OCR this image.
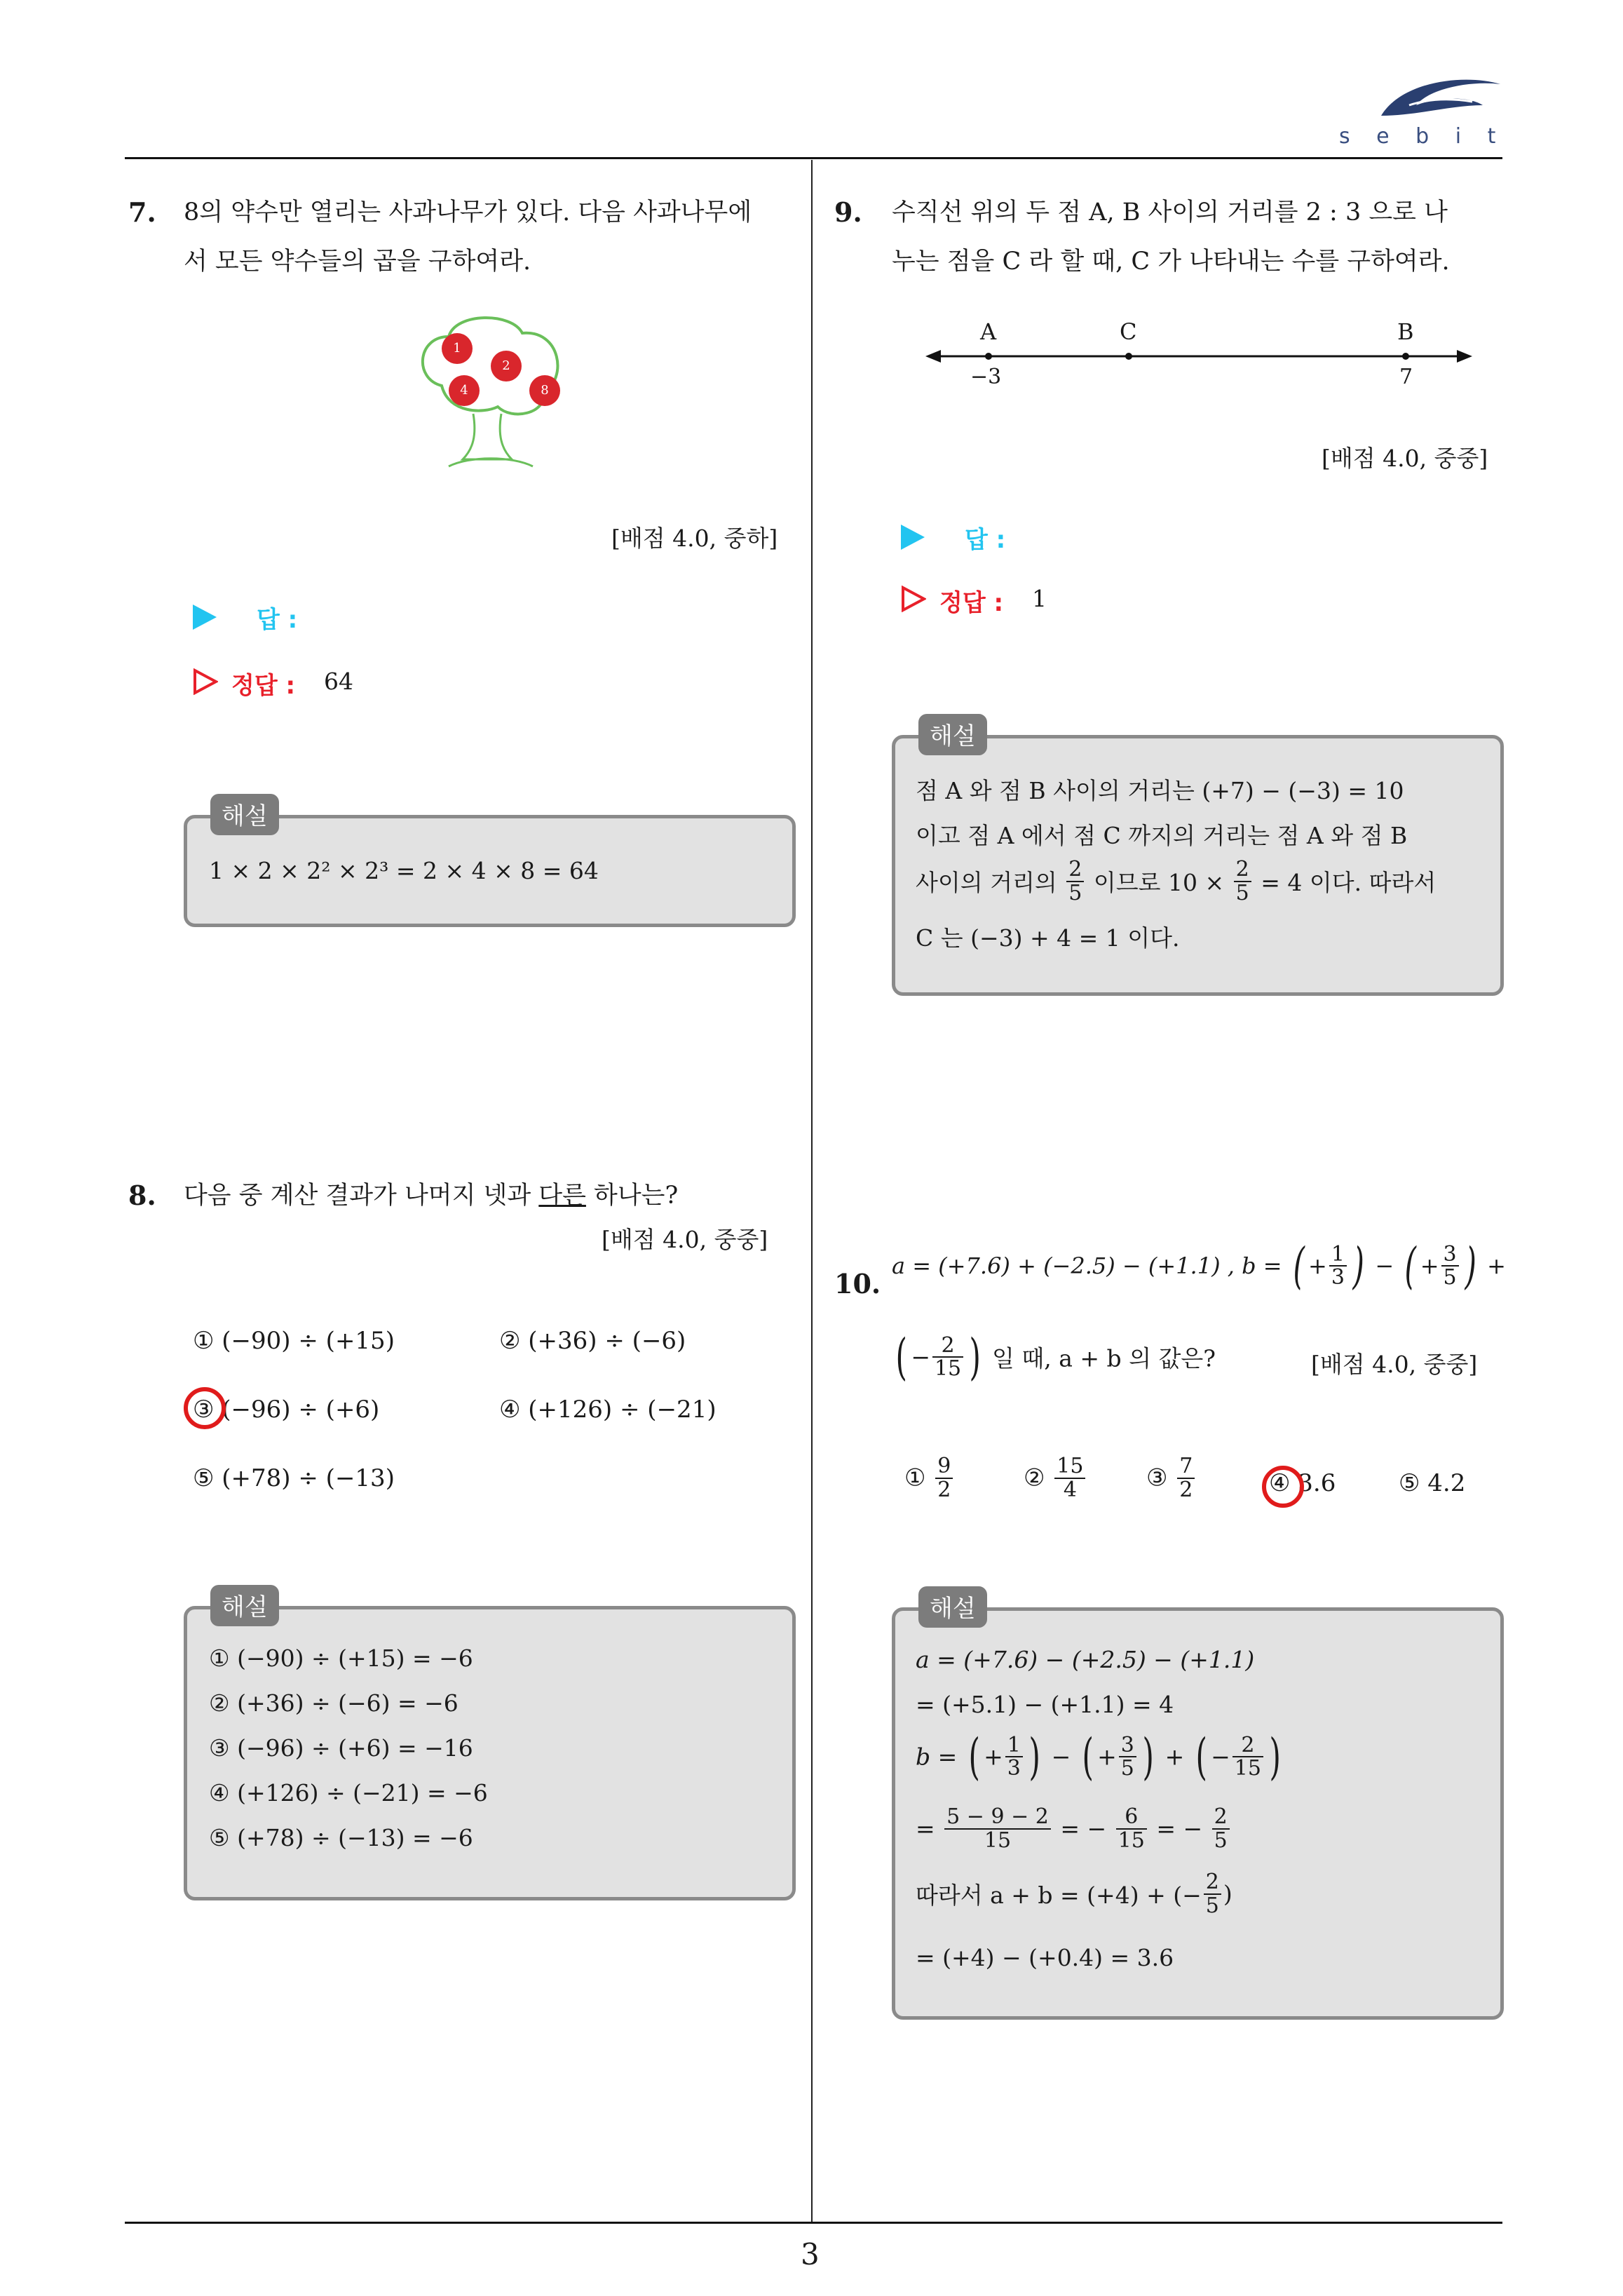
s e b i t
7. 8의 약수만 열리는 사과나무가 있다. 다음 사과나무에
서 모든 약수들의 곱을 구하여라.
1
2
4	8
[배점 4.0, 중하]
답 :
정답 : 64
해설
1 × 2 × 2² × 2³ = 2 × 4 × 8 = 64
8. 다음 중 계산 결과가 나머지 넷과 다른 하나는?
[배점 4.0, 중중]
① (−90) ÷ (+15)	② (+36) ÷ (−6)
③ (−96) ÷ (+6)	④ (+126) ÷ (−21)
⑤ (+78) ÷ (−13)
해설
① (−90) ÷ (+15) = −6
② (+36) ÷ (−6) = −6
③ (−96) ÷ (+6) = −16
④ (+126) ÷ (−21) = −6
⑤ (+78) ÷ (−13) = −6
9. 수직선 위의 두 점 A, B 사이의 거리를 2 : 3 으로 나
누는 점을 C 라 할 때, C 가 나타내는 수를 구하여라.
A	C	B
−3	7
[배점 4.0, 중중]
답 :
정답 : 1
해설
점 A 와 점 B 사이의 거리는 (+7) − (−3) = 10
이고 점 A 에서 점 C 까지의 거리는 점 A 와 점 B
사이의 거리의 $\frac{2}{5}$ 이므로 $10 \times \frac{2}{5} = 4$ 이다. 따라서
C 는 (−3) + 4 = 1 이다.
10.
a = (+7.6) + (−2.5) − (+1.1) , b = ( + $\frac{1}{3}$ ) − ( + $\frac{3}{5}$ ) +
( − $\frac{2}{15}$ ) 일 때, a + b 의 값은?	[배점 4.0, 중중]
① $\frac{9}{2}$	② $\frac{15}{4}$	③ $\frac{7}{2}$	④ 3.6	⑤ 4.2
해설
a = (+7.6) − (+2.5) − (+1.1)
= (+5.1) − (+1.1) = 4
b = ( + $\frac{1}{3}$ ) − ( + $\frac{3}{5}$ ) + ( − $\frac{2}{15}$ )
= $\frac{5 - 9 - 2}{15}$ = − $\frac{6}{15}$ = − $\frac{2}{5}$
따라서 a + b = (+4) + (− $\frac{2}{5}$ )
= (+4) − (+0.4) = 3.6
3
